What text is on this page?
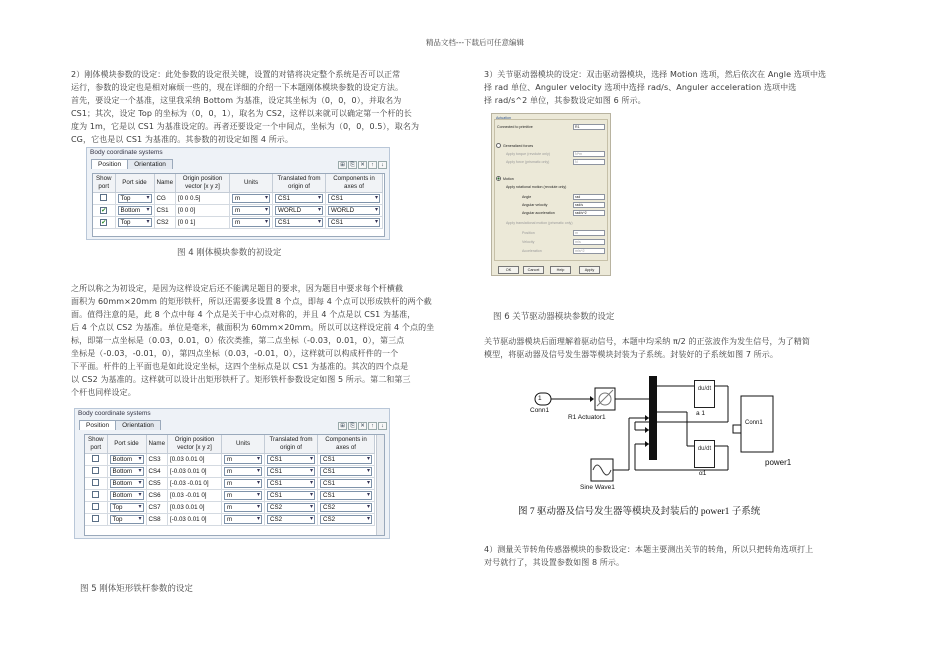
精品文档---下载后可任意编辑
2）刚体模块参数的设定：此处参数的设定很关键，设置的对错将决定整个系统是否可以正常
运行，参数的设定也是相对麻烦一些的，现在详细的介绍一下本题刚体模块参数的设定方法。
首先，要设定一个基准，这里我采纳 Bottom 为基准，设定其坐标为（0，0，0），并取名为
CS1；其次，设定 Top 的坐标为（0，0，1），取名为 CS2，这样以来就可以确定第一个杆的长
度为 1m，它是以 CS1 为基准设定的。再者还要设定一个中间点，坐标为（0，0，0.5），取名为
CG，它也是以 CS1 为基准的。其参数的初设定如图 4 所示。
Body coordinate systems
Position Orientation	⊞ ⎘ ✕ ↑ ↓
Show port	Port side	Name	Origin position vector [x y z]	Units	Translated from origin of	Components in axes of
	Top ▾	CG	[0 0 0.5]	m ▾	CS1 ▾	CS1 ▾
✔	Bottom ▾	CS1	[0 0 0]	m ▾	WORLD ▾	WORLD ▾
✔	Top ▾	CS2	[0 0 1]	m ▾	CS1 ▾	CS1 ▾
图 4 刚体模块参数的初设定
之所以称之为初设定，是因为这样设定后还不能满足题目的要求，因为题目中要求每个杆横截
面积为 60mm×20mm 的矩形铁杆，所以还需要多设置 8 个点，即每 4 个点可以形成铁杆的两个截
面。值得注意的是，此 8 个点中每 4 个点是关于中心点对称的，并且 4 个点是以 CS1 为基准，
后 4 个点以 CS2 为基准。单位是毫米，截面积为 60mm×20mm。所以可以这样设定前 4 个点的坐
标，即第一点坐标是（0.03，0.01，0）依次类推，第二点坐标（-0.03，0.01，0），第三点
坐标是（-0.03，-0.01，0），第四点坐标（0.03，-0.01，0），这样就可以构成杆件的一个
下平面。杆件的上平面也是如此设定坐标，这四个坐标点是以 CS1 为基准的。其次的四个点是
以 CS2 为基准的。这样就可以设计出矩形铁杆了。矩形铁杆参数设定如图 5 所示。第二和第三
个杆也同样设定。
Body coordinate systems
Position Orientation	⊞ ⎘ ✕ ↑ ↓
Show port	Port side	Name	Origin position vector [x y z]	Units	Translated from origin of	Components in axes of
	Bottom ▾	CS3	[0.03 0.01 0]	m ▾	CS1 ▾	CS1 ▾
	Bottom ▾	CS4	[-0.03 0.01 0]	m ▾	CS1 ▾	CS1 ▾
	Bottom ▾	CS5	[-0.03 -0.01 0]	m ▾	CS1 ▾	CS1 ▾
	Bottom ▾	CS6	[0.03 -0.01 0]	m ▾	CS1 ▾	CS1 ▾
	Top ▾	CS7	[0.03 0.01 0]	m ▾	CS2 ▾	CS2 ▾
	Top ▾	CS8	[-0.03 0.01 0]	m ▾	CS2 ▾	CS2 ▾
图 5 刚体矩形铁杆参数的设定
3）关节驱动器模块的设定：双击驱动器模块，选择 Motion 选项，然后依次在 Angle 选项中选
择 rad 单位、Anguler velocity 选项中选择 rad/s、Anguler acceleration 选项中选
择 rad/s^2 单位，其参数设定如图 6 所示。
Actuation
Connected to primitive	R1
Generalized forces
Apply torque (revolute only)	N*m
Apply force (prismatic only)	N
Motion
Apply rotational motion (revolute only)
Angle	rad
Angular velocity	rad/s
Angular acceleration	rad/s^2
Apply translational motion (prismatic only)
Position	m
Velocity	m/s
Acceleration	m/s^2
OK	Cancel	Help	Apply
图 6 关节驱动器模块参数的设定
关节驱动器模块后面理解着驱动信号，本题中均采纳 π/2 的正弦波作为发生信号，为了精简
模型，将驱动器及信号发生器等模块封装为子系统。封装好的子系统如图 7 所示。
du/dt
du/dt
1
Conn1
R1 Actuator1
a 1
α1
Sine Wave1
Conn1
power1
图 7 驱动器及信号发生器等模块及封装后的 power1 子系统
4）测量关节转角传感器模块的参数设定：本题主要测出关节的转角，所以只把转角选项打上
对号就行了，其设置参数如图 8 所示。
